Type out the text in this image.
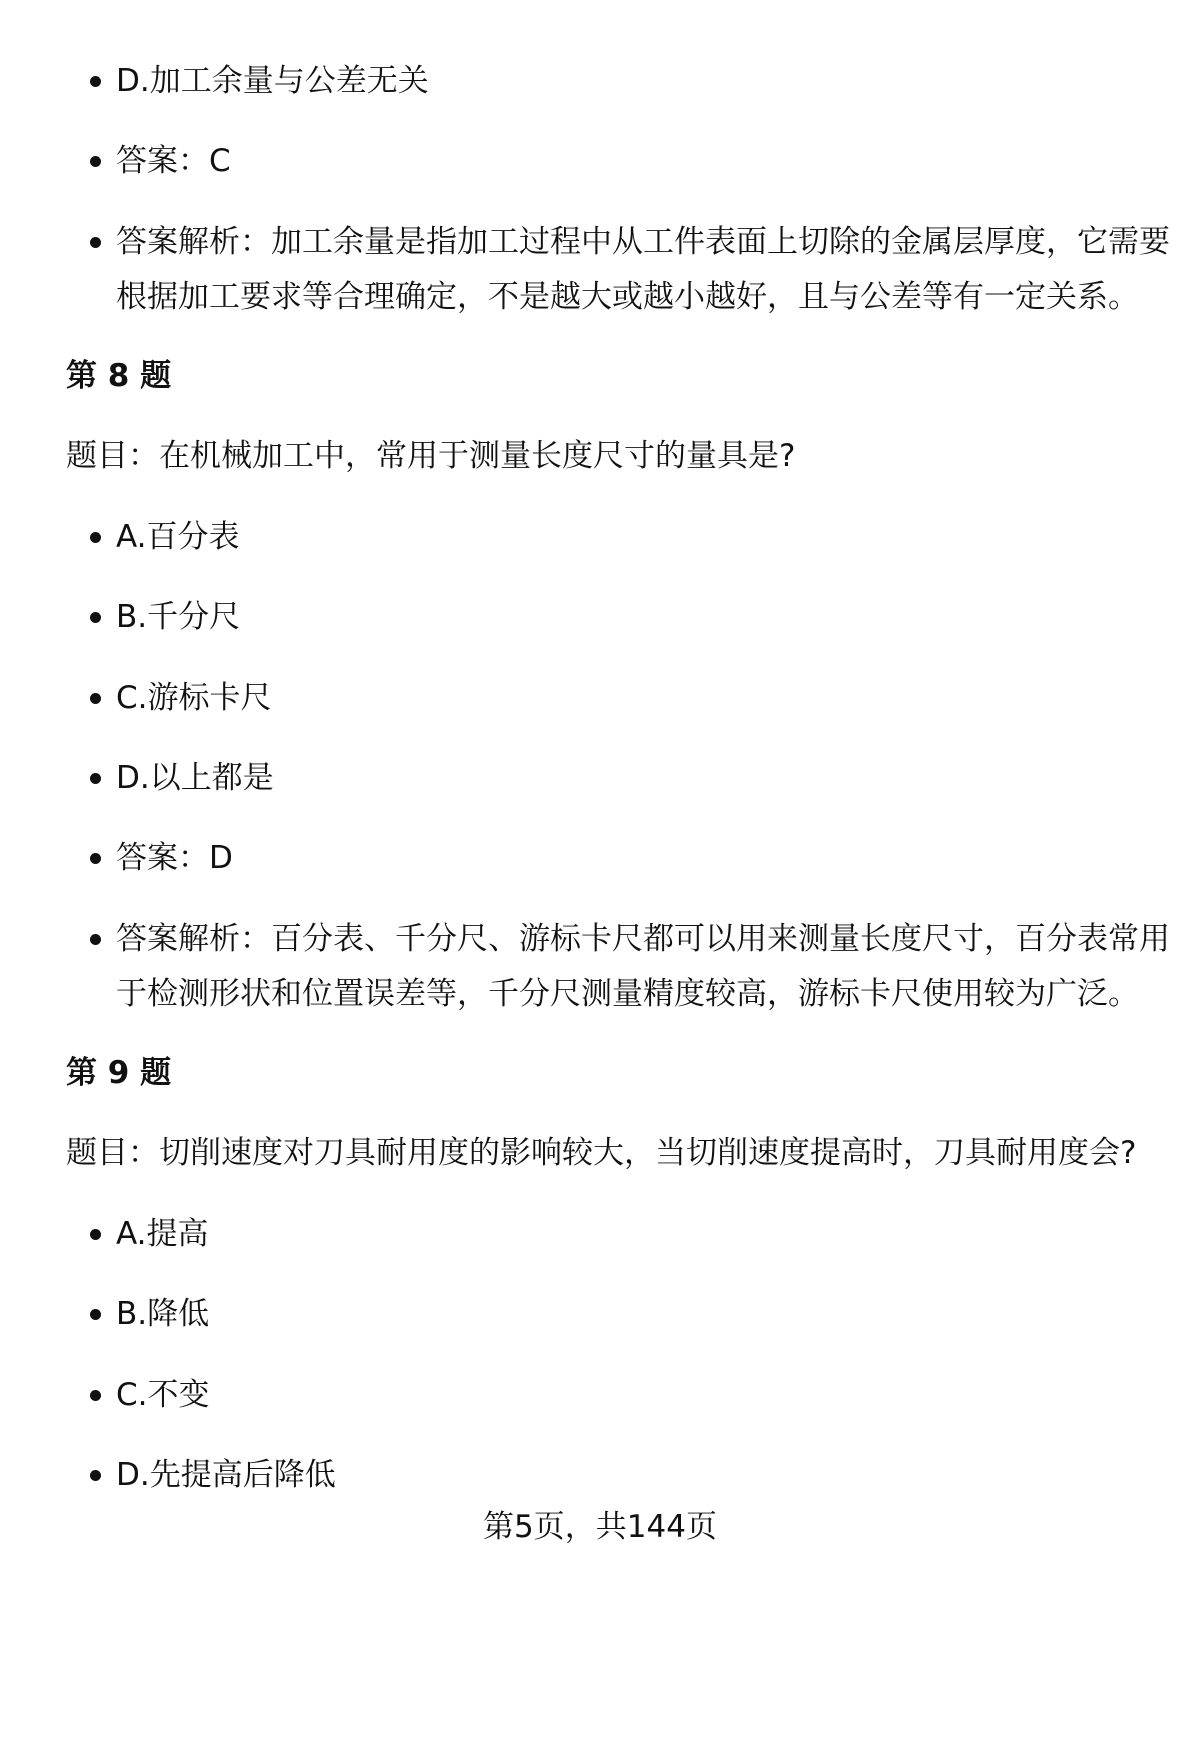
D.加工余量与公差无关
答案：C
答案解析：加工余量是指加工过程中从工件表面上切除的金属层厚度，它需要
根据加工要求等合理确定，不是越大或越小越好，且与公差等有一定关系。
第 8 题
题目：在机械加工中，常用于测量长度尺寸的量具是?
A.百分表
B.千分尺
C.游标卡尺
D.以上都是
答案：D
答案解析：百分表、千分尺、游标卡尺都可以用来测量长度尺寸，百分表常用
于检测形状和位置误差等，千分尺测量精度较高，游标卡尺使用较为广泛。
第 9 题
题目：切削速度对刀具耐用度的影响较大，当切削速度提高时，刀具耐用度会?
A.提高
B.降低
C.不变
D.先提高后降低
第5页，共144页
